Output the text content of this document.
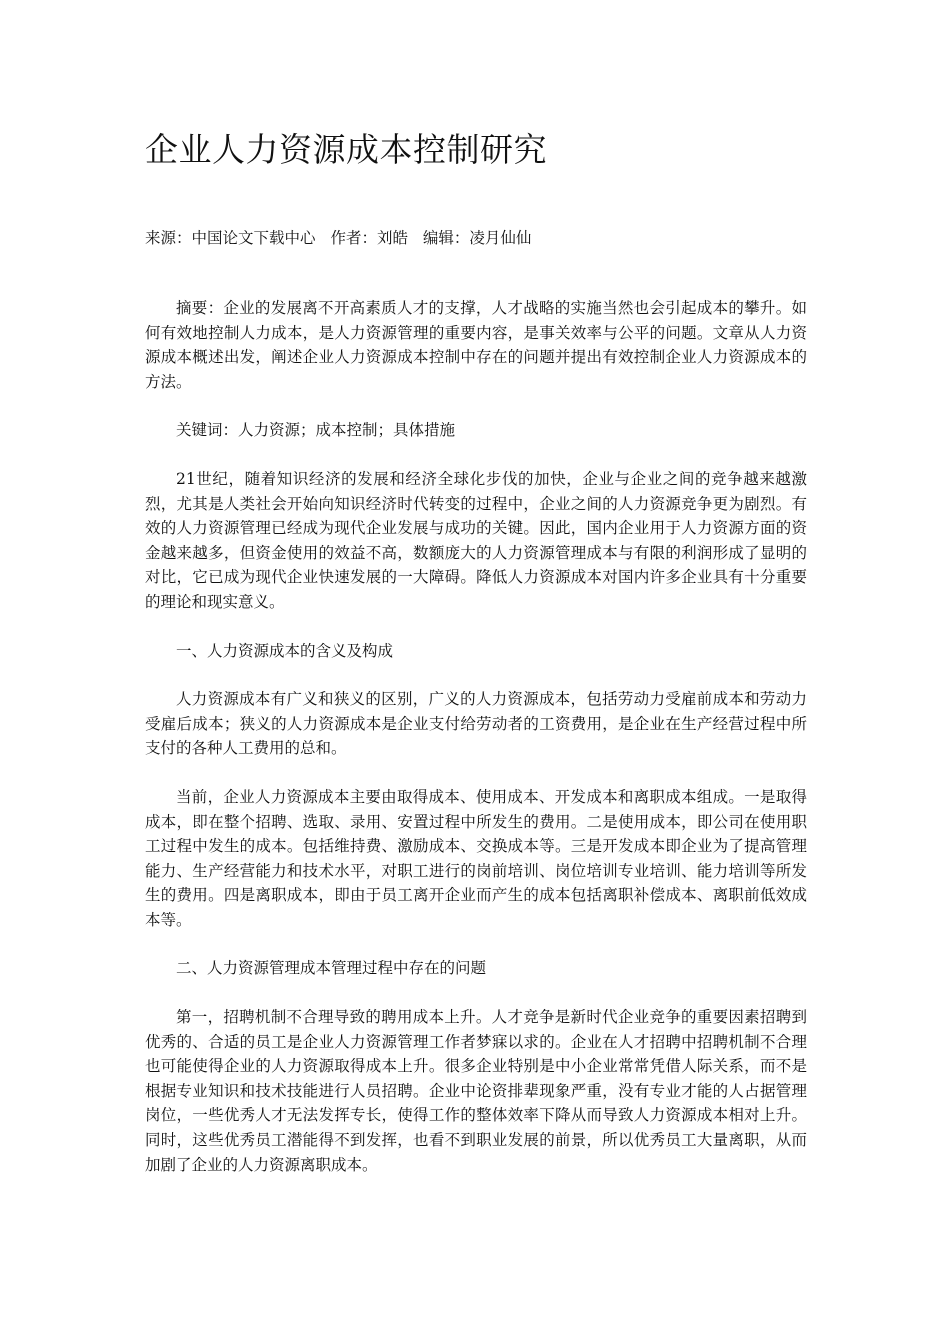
企业人力资源成本控制研究
来源：中国论文下载中心 作者：刘皓 编辑：凌月仙仙

摘要：企业的发展离不开高素质人才的支撑，人才战略的实施当然也会引起成本的攀升。如何有效地控制人力成本，是人力资源管理的重要内容，是事关效率与公平的问题。文章从人力资源成本概述出发，阐述企业人力资源成本控制中存在的问题并提出有效控制企业人力资源成本的方法。

关键词：人力资源；成本控制；具体措施

21世纪，随着知识经济的发展和经济全球化步伐的加快，企业与企业之间的竞争越来越激烈，尤其是人类社会开始向知识经济时代转变的过程中，企业之间的人力资源竞争更为剧烈。有效的人力资源管理已经成为现代企业发展与成功的关键。因此，国内企业用于人力资源方面的资金越来越多，但资金使用的效益不高，数额庞大的人力资源管理成本与有限的利润形成了显明的对比，它已成为现代企业快速发展的一大障碍。降低人力资源成本对国内许多企业具有十分重要的理论和现实意义。

一、人力资源成本的含义及构成

人力资源成本有广义和狭义的区别，广义的人力资源成本，包括劳动力受雇前成本和劳动力受雇后成本；狭义的人力资源成本是企业支付给劳动者的工资费用，是企业在生产经营过程中所支付的各种人工费用的总和。

当前，企业人力资源成本主要由取得成本、使用成本、开发成本和离职成本组成。一是取得成本，即在整个招聘、选取、录用、安置过程中所发生的费用。二是使用成本，即公司在使用职工过程中发生的成本。包括维持费、激励成本、交换成本等。三是开发成本即企业为了提高管理能力、生产经营能力和技术水平，对职工进行的岗前培训、岗位培训专业培训、能力培训等所发生的费用。四是离职成本，即由于员工离开企业而产生的成本包括离职补偿成本、离职前低效成本等。

二、人力资源管理成本管理过程中存在的问题

第一，招聘机制不合理导致的聘用成本上升。人才竞争是新时代企业竞争的重要因素招聘到优秀的、合适的员工是企业人力资源管理工作者梦寐以求的。企业在人才招聘中招聘机制不合理也可能使得企业的人力资源取得成本上升。很多企业特别是中小企业常常凭借人际关系，而不是根据专业知识和技术技能进行人员招聘。企业中论资排辈现象严重，没有专业才能的人占据管理岗位，一些优秀人才无法发挥专长，使得工作的整体效率下降从而导致人力资源成本相对上升。同时，这些优秀员工潜能得不到发挥，也看不到职业发展的前景，所以优秀员工大量离职，从而加剧了企业的人力资源离职成本。
